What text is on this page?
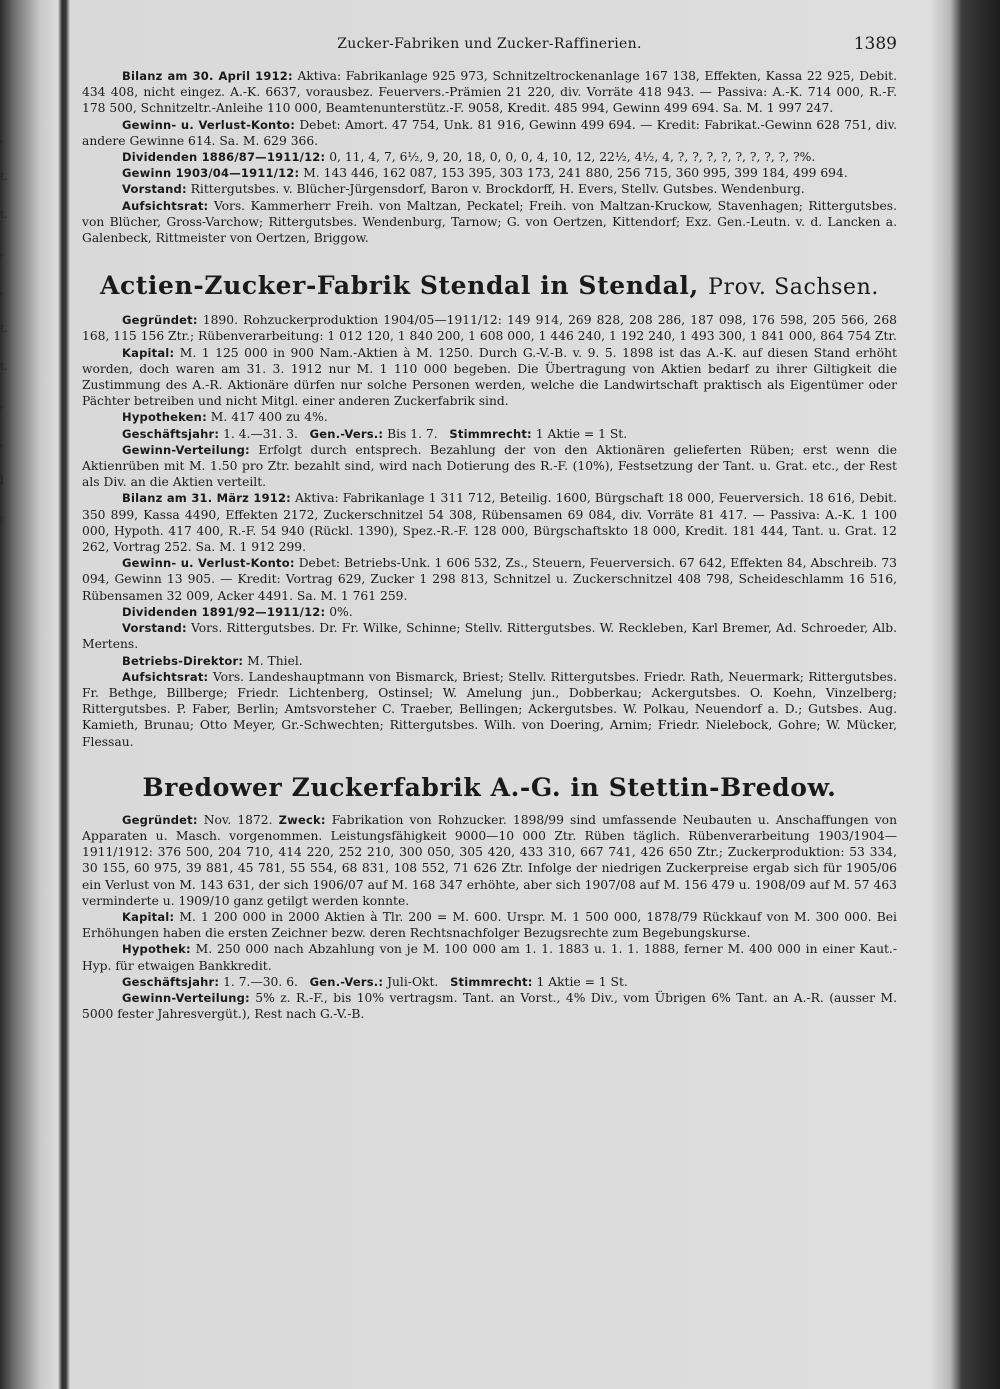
,
t.
t.
,
,
t.
t.
,
,
l
:
Zucker-Fabriken und Zucker-Raffinerien.	1389

Bilanz am 30. April 1912: Aktiva: Fabrikanlage 925 973, Schnitzeltrockenanlage 167 138, Effekten, Kassa 22 925, Debit. 434 408, nicht eingez. A.-K. 6637, vorausbez. Feuervers.-Prämien 21 220, div. Vorräte 418 943. — Passiva: A.-K. 714 000, R.-F. 178 500, Schnitzeltr.-Anleihe 110 000, Beamtenunterstütz.-F. 9058, Kredit. 485 994, Gewinn 499 694. Sa. M. 1 997 247.

Gewinn- u. Verlust-Konto: Debet: Amort. 47 754, Unk. 81 916, Gewinn 499 694. — Kredit: Fabrikat.-Gewinn 628 751, div. andere Gewinne 614. Sa. M. 629 366.

Dividenden 1886/87—1911/12: 0, 11, 4, 7, 6½, 9, 20, 18, 0, 0, 0, 4, 10, 12, 22½, 4½, 4, ?, ?, ?, ?, ?, ?, ?, ?, ?%.

Gewinn 1903/04—1911/12: M. 143 446, 162 087, 153 395, 303 173, 241 880, 256 715, 360 995, 399 184, 499 694.

Vorstand: Rittergutsbes. v. Blücher-Jürgensdorf, Baron v. Brockdorff, H. Evers, Stellv. Gutsbes. Wendenburg.

Aufsichtsrat: Vors. Kammerherr Freih. von Maltzan, Peckatel; Freih. von Maltzan-Kruckow, Stavenhagen; Rittergutsbes. von Blücher, Gross-Varchow; Rittergutsbes. Wendenburg, Tarnow; G. von Oertzen, Kittendorf; Exz. Gen.-Leutn. v. d. Lancken a. Galenbeck, Rittmeister von Oertzen, Briggow.

Actien-Zucker-Fabrik Stendal in Stendal, Prov. Sachsen.

Gegründet: 1890. Rohzuckerproduktion 1904/05—1911/12: 149 914, 269 828, 208 286, 187 098, 176 598, 205 566, 268 168, 115 156 Ztr.; Rübenverarbeitung: 1 012 120, 1 840 200, 1 608 000, 1 446 240, 1 192 240, 1 493 300, 1 841 000, 864 754 Ztr.

Kapital: M. 1 125 000 in 900 Nam.-Aktien à M. 1250. Durch G.-V.-B. v. 9. 5. 1898 ist das A.-K. auf diesen Stand erhöht worden, doch waren am 31. 3. 1912 nur M. 1 110 000 begeben. Die Übertragung von Aktien bedarf zu ihrer Giltigkeit die Zustimmung des A.-R. Aktionäre dürfen nur solche Personen werden, welche die Landwirtschaft praktisch als Eigentümer oder Pächter betreiben und nicht Mitgl. einer anderen Zuckerfabrik sind.

Hypotheken: M. 417 400 zu 4%.

Geschäftsjahr: 1. 4.—31. 3. Gen.-Vers.: Bis 1. 7. Stimmrecht: 1 Aktie = 1 St.

Gewinn-Verteilung: Erfolgt durch entsprech. Bezahlung der von den Aktionären gelieferten Rüben; erst wenn die Aktienrüben mit M. 1.50 pro Ztr. bezahlt sind, wird nach Dotierung des R.-F. (10%), Festsetzung der Tant. u. Grat. etc., der Rest als Div. an die Aktien verteilt.

Bilanz am 31. März 1912: Aktiva: Fabrikanlage 1 311 712, Beteilig. 1600, Bürgschaft 18 000, Feuerversich. 18 616, Debit. 350 899, Kassa 4490, Effekten 2172, Zuckerschnitzel 54 308, Rübensamen 69 084, div. Vorräte 81 417. — Passiva: A.-K. 1 100 000, Hypoth. 417 400, R.-F. 54 940 (Rückl. 1390), Spez.-R.-F. 128 000, Bürgschaftskto 18 000, Kredit. 181 444, Tant. u. Grat. 12 262, Vortrag 252. Sa. M. 1 912 299.

Gewinn- u. Verlust-Konto: Debet: Betriebs-Unk. 1 606 532, Zs., Steuern, Feuerversich. 67 642, Effekten 84, Abschreib. 73 094, Gewinn 13 905. — Kredit: Vortrag 629, Zucker 1 298 813, Schnitzel u. Zuckerschnitzel 408 798, Scheideschlamm 16 516, Rübensamen 32 009, Acker 4491. Sa. M. 1 761 259.

Dividenden 1891/92—1911/12: 0%.

Vorstand: Vors. Rittergutsbes. Dr. Fr. Wilke, Schinne; Stellv. Rittergutsbes. W. Reckleben, Karl Bremer, Ad. Schroeder, Alb. Mertens.

Betriebs-Direktor: M. Thiel.

Aufsichtsrat: Vors. Landeshauptmann von Bismarck, Briest; Stellv. Rittergutsbes. Friedr. Rath, Neuermark; Rittergutsbes. Fr. Bethge, Billberge; Friedr. Lichtenberg, Ostinsel; W. Amelung jun., Dobberkau; Ackergutsbes. O. Koehn, Vinzelberg; Rittergutsbes. P. Faber, Berlin; Amtsvorsteher C. Traeber, Bellingen; Ackergutsbes. W. Polkau, Neuendorf a. D.; Gutsbes. Aug. Kamieth, Brunau; Otto Meyer, Gr.-Schwechten; Rittergutsbes. Wilh. von Doering, Arnim; Friedr. Nielebock, Gohre; W. Mücker, Flessau.

Bredower Zuckerfabrik A.-G. in Stettin-Bredow.

Gegründet: Nov. 1872. Zweck: Fabrikation von Rohzucker. 1898/99 sind umfassende Neubauten u. Anschaffungen von Apparaten u. Masch. vorgenommen. Leistungsfähigkeit 9000—10 000 Ztr. Rüben täglich. Rübenverarbeitung 1903/1904—1911/1912: 376 500, 204 710, 414 220, 252 210, 300 050, 305 420, 433 310, 667 741, 426 650 Ztr.; Zuckerproduktion: 53 334, 30 155, 60 975, 39 881, 45 781, 55 554, 68 831, 108 552, 71 626 Ztr. Infolge der niedrigen Zuckerpreise ergab sich für 1905/06 ein Verlust von M. 143 631, der sich 1906/07 auf M. 168 347 erhöhte, aber sich 1907/08 auf M. 156 479 u. 1908/09 auf M. 57 463 verminderte u. 1909/10 ganz getilgt werden konnte.

Kapital: M. 1 200 000 in 2000 Aktien à Tlr. 200 = M. 600. Urspr. M. 1 500 000, 1878/79 Rückkauf von M. 300 000. Bei Erhöhungen haben die ersten Zeichner bezw. deren Rechtsnachfolger Bezugsrechte zum Begebungskurse.

Hypothek: M. 250 000 nach Abzahlung von je M. 100 000 am 1. 1. 1883 u. 1. 1. 1888, ferner M. 400 000 in einer Kaut.-Hyp. für etwaigen Bankkredit.

Geschäftsjahr: 1. 7.—30. 6. Gen.-Vers.: Juli-Okt. Stimmrecht: 1 Aktie = 1 St.

Gewinn-Verteilung: 5% z. R.-F., bis 10% vertragsm. Tant. an Vorst., 4% Div., vom Übrigen 6% Tant. an A.-R. (ausser M. 5000 fester Jahresvergüt.), Rest nach G.-V.-B.
